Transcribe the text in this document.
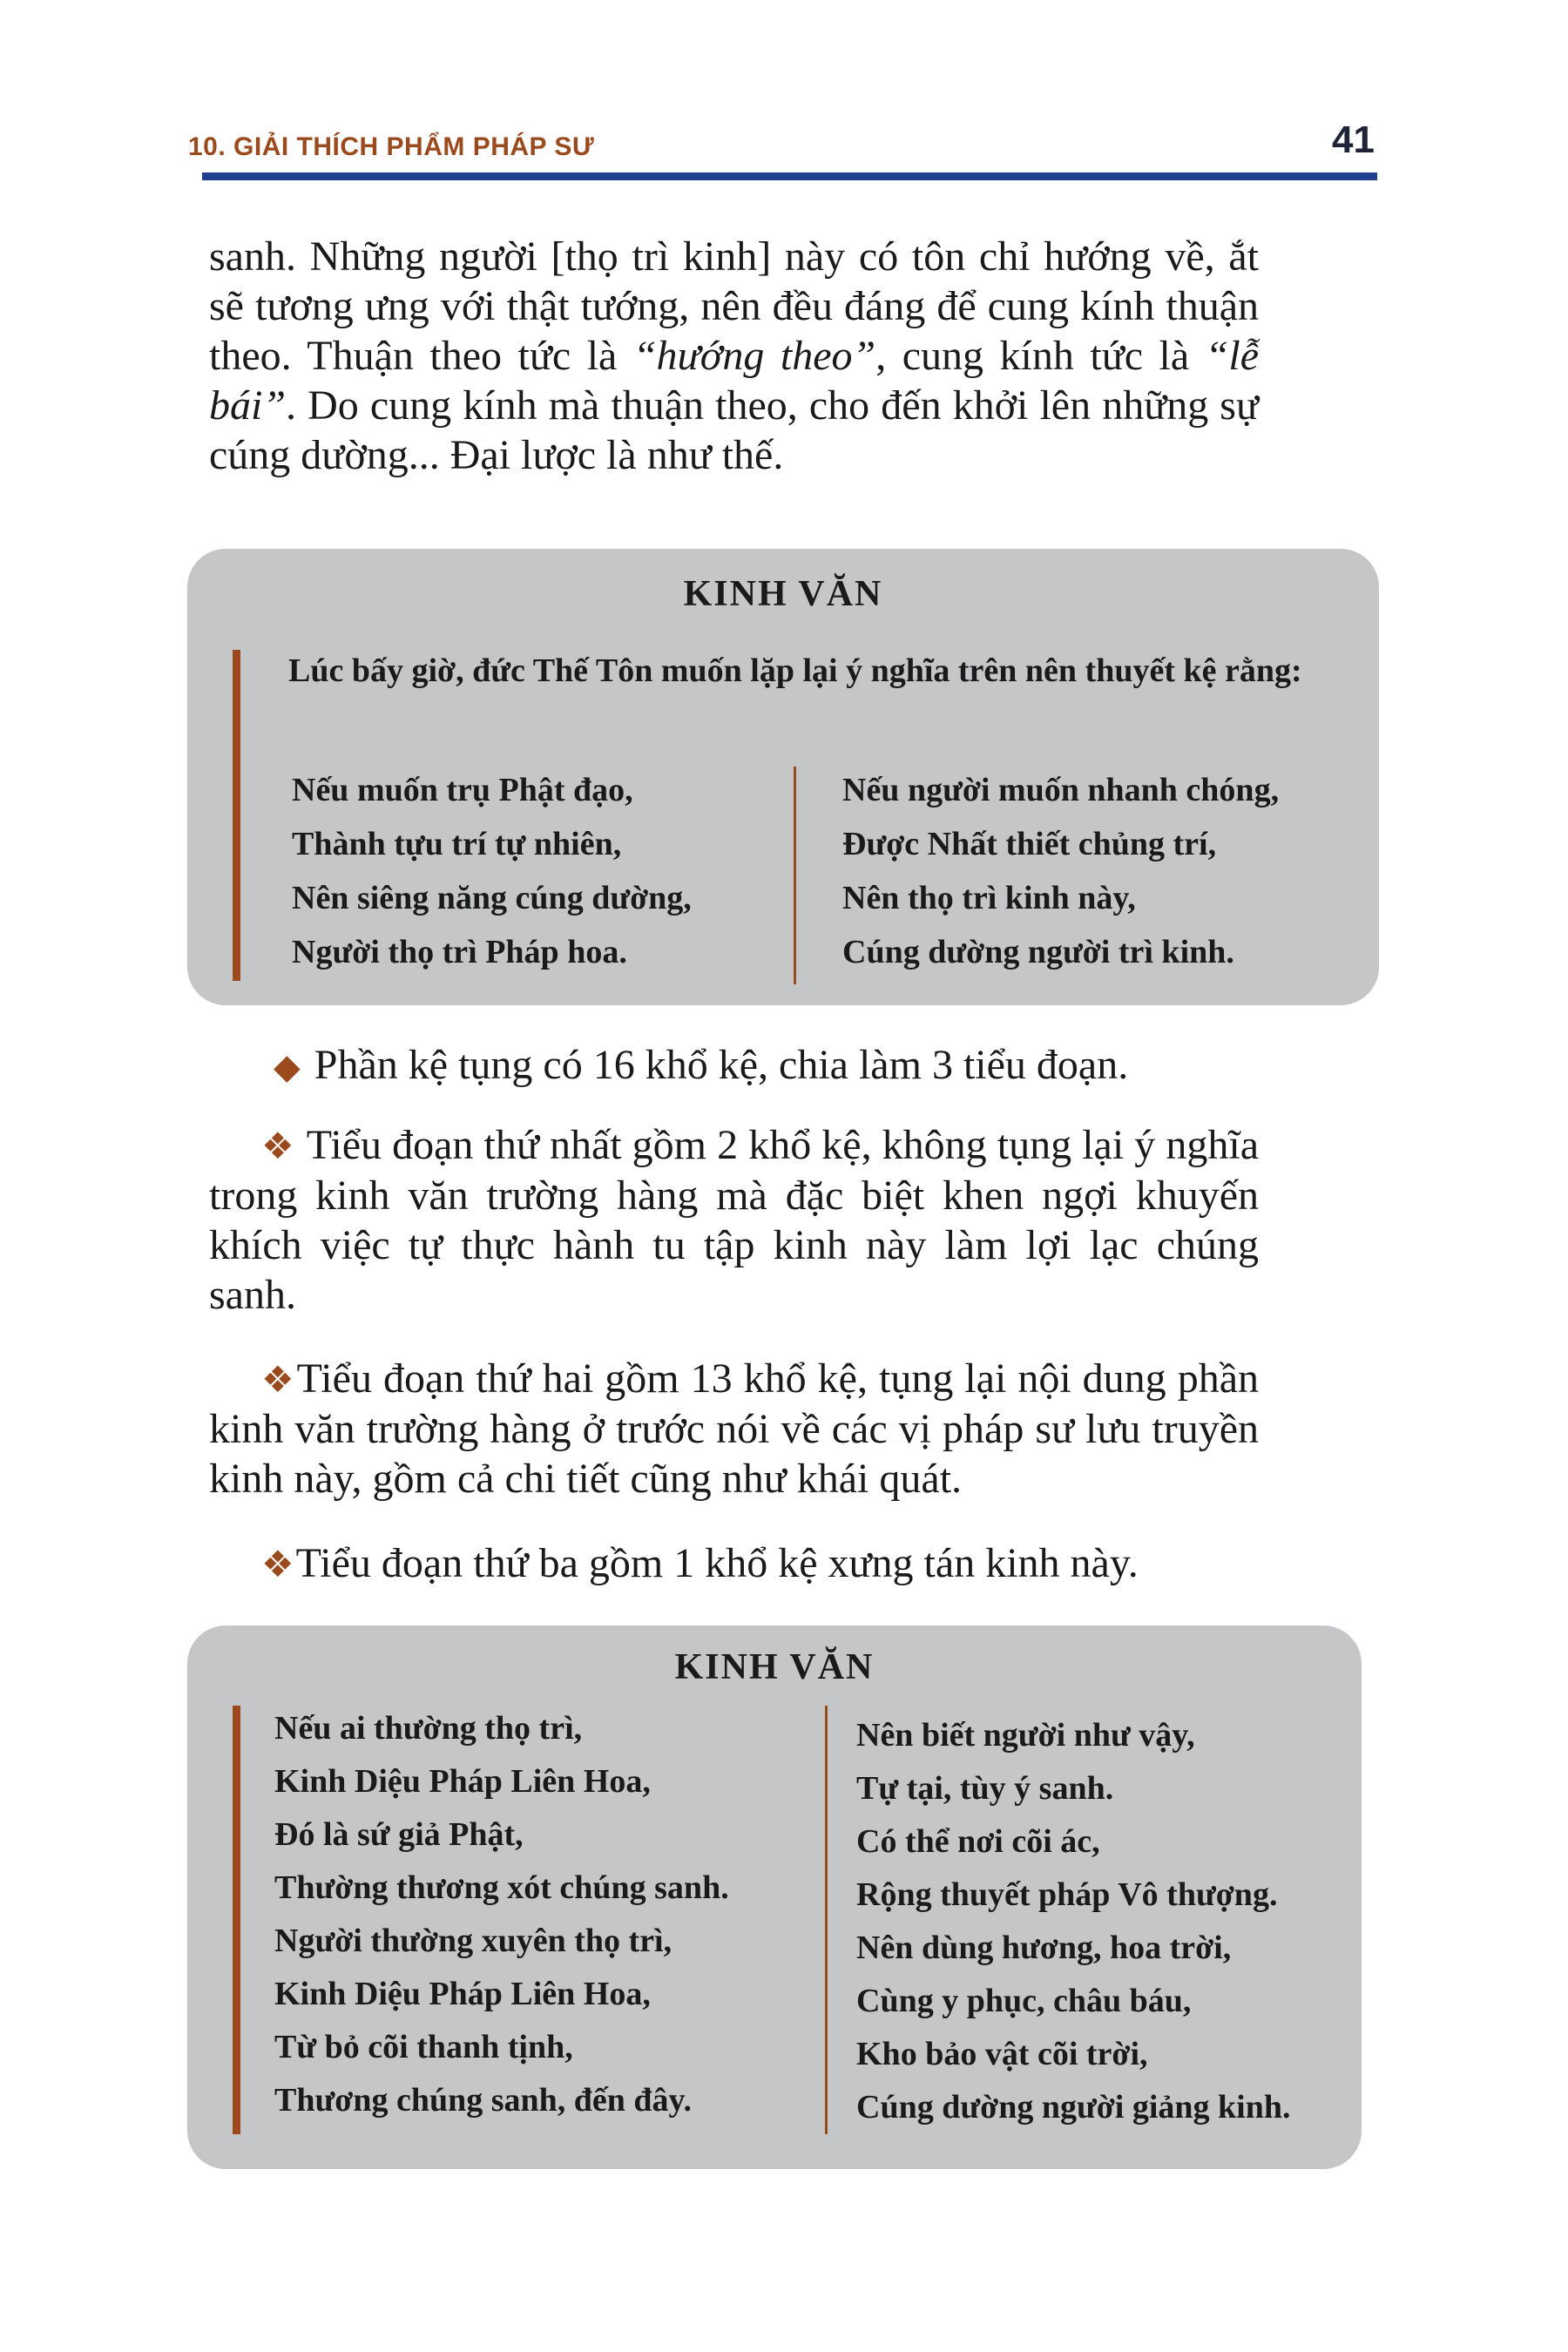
10. GIẢI THÍCH PHẨM PHÁP SƯ	41

sanh. Những người [thọ trì kinh] này có tôn chỉ hướng về, ắt sẽ tương ưng với thật tướng, nên đều đáng để cung kính thuận theo. Thuận theo tức là “hướng theo”, cung kính tức là “lễ bái”. Do cung kính mà thuận theo, cho đến khởi lên những sự cúng dường... Đại lược là như thế.

KINH VĂN
Lúc bấy giờ, đức Thế Tôn muốn lặp lại ý nghĩa trên nên thuyết kệ rằng:
Nếu muốn trụ Phật đạo,
Thành tựu trí tự nhiên,
Nên siêng năng cúng dường,
Người thọ trì Pháp hoa.
Nếu người muốn nhanh chóng,
Được Nhất thiết chủng trí,
Nên thọ trì kinh này,
Cúng dường người trì kinh.

◆ Phần kệ tụng có 16 khổ kệ, chia làm 3 tiểu đoạn.

❖ Tiểu đoạn thứ nhất gồm 2 khổ kệ, không tụng lại ý nghĩa trong kinh văn trường hàng mà đặc biệt khen ngợi khuyến khích việc tự thực hành tu tập kinh này làm lợi lạc chúng sanh.

❖Tiểu đoạn thứ hai gồm 13 khổ kệ, tụng lại nội dung phần kinh văn trường hàng ở trước nói về các vị pháp sư lưu truyền kinh này, gồm cả chi tiết cũng như khái quát.

❖Tiểu đoạn thứ ba gồm 1 khổ kệ xưng tán kinh này.

KINH VĂN
Nếu ai thường thọ trì,
Kinh Diệu Pháp Liên Hoa,
Đó là sứ giả Phật,
Thường thương xót chúng sanh.
Người thường xuyên thọ trì,
Kinh Diệu Pháp Liên Hoa,
Từ bỏ cõi thanh tịnh,
Thương chúng sanh, đến đây.
Nên biết người như vậy,
Tự tại, tùy ý sanh.
Có thể nơi cõi ác,
Rộng thuyết pháp Vô thượng.
Nên dùng hương, hoa trời,
Cùng y phục, châu báu,
Kho bảo vật cõi trời,
Cúng dường người giảng kinh.
